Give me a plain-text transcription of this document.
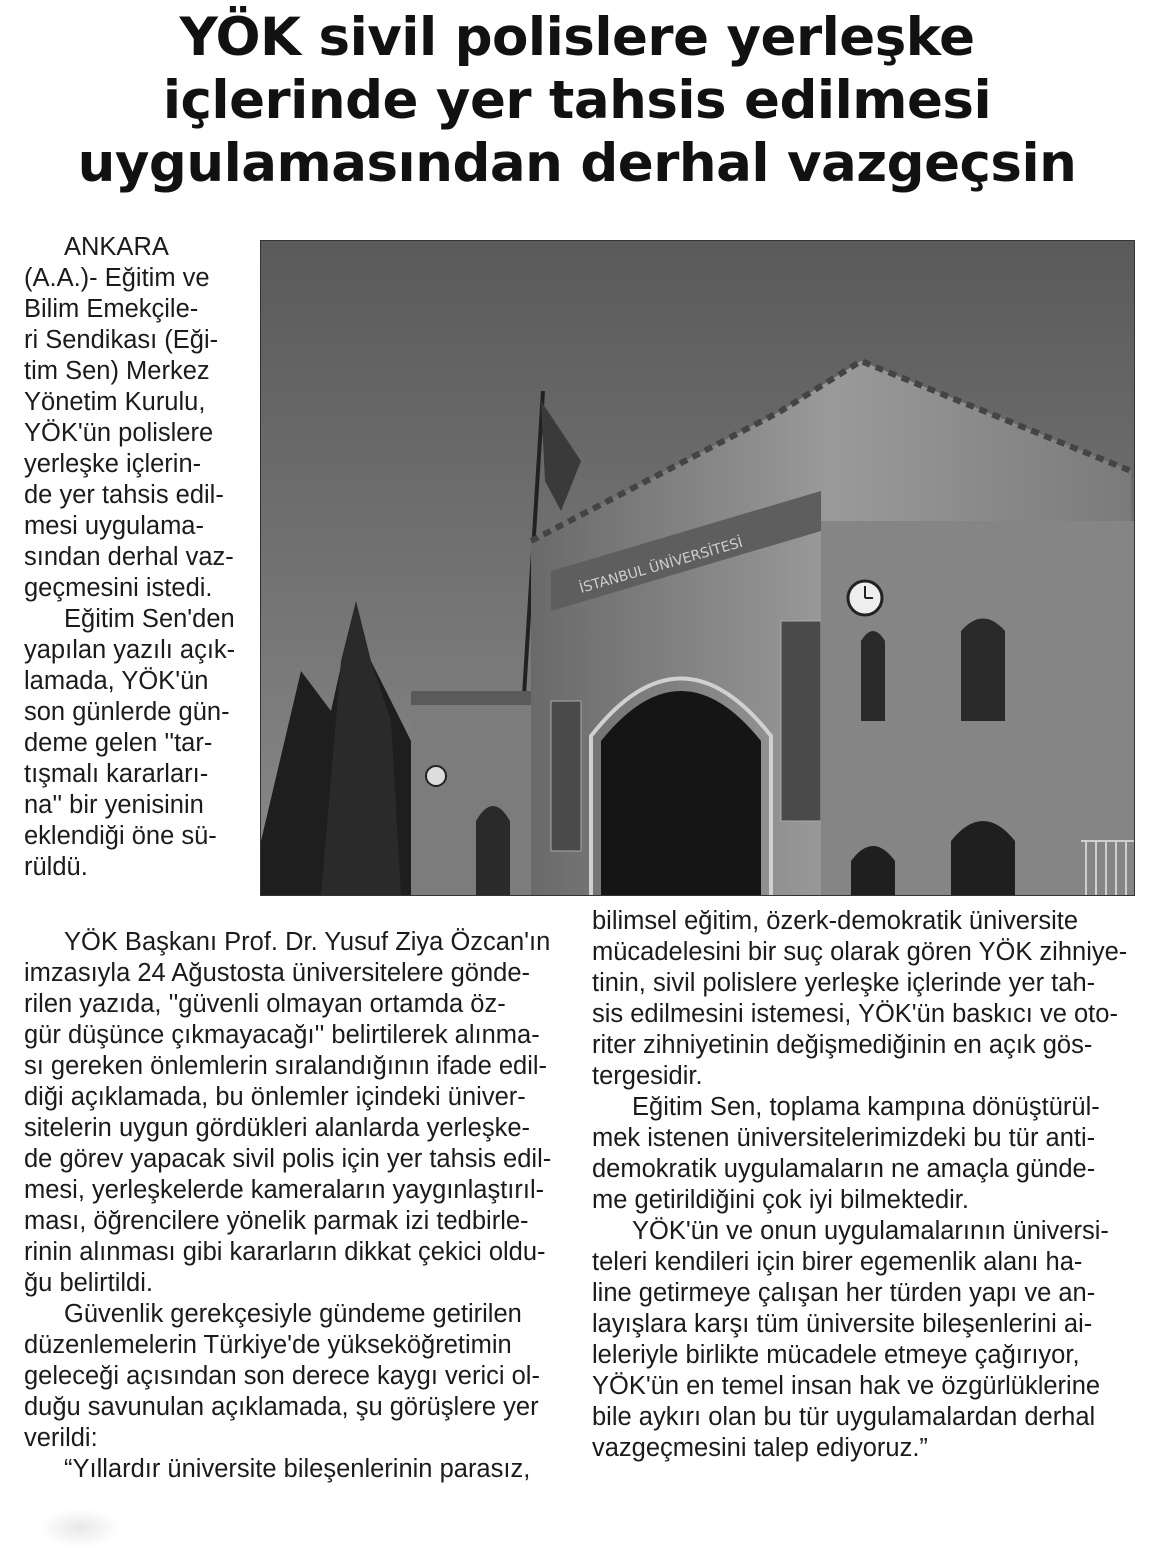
YÖK sivil polislere yerleşke
içlerinde yer tahsis edilmesi
uygulamasından derhal vazgeçsin
İSTANBUL ÜNİVERSİTESİ

ANKARA
(A.A.)- Eğitim ve
Bilim Emekçile-
ri Sendikası (Eği-
tim Sen) Merkez
Yönetim Kurulu,
YÖK'ün polislere
yerleşke içlerin-
de yer tahsis edil-
mesi uygulama-
sından derhal vaz-
geçmesini istedi.

Eğitim Sen'den
yapılan yazılı açık-
lamada, YÖK'ün
son günlerde gün-
deme gelen ''tar-
tışmalı kararları-
na'' bir yenisinin
eklendiği öne sü-
rüldü.

YÖK Başkanı Prof. Dr. Yusuf Ziya Özcan'ın
imzasıyla 24 Ağustosta üniversitelere gönde-
rilen yazıda, ''güvenli olmayan ortamda öz-
gür düşünce çıkmayacağı'' belirtilerek alınma-
sı gereken önlemlerin sıralandığının ifade edil-
diği açıklamada, bu önlemler içindeki üniver-
sitelerin uygun gördükleri alanlarda yerleşke-
de görev yapacak sivil polis için yer tahsis edil-
mesi, yerleşkelerde kameraların yaygınlaştırıl-
ması, öğrencilere yönelik parmak izi tedbirle-
rinin alınması gibi kararların dikkat çekici oldu-
ğu belirtildi.

Güvenlik gerekçesiyle gündeme getirilen
düzenlemelerin Türkiye'de yükseköğretimin
geleceği açısından son derece kaygı verici ol-
duğu savunulan açıklamada, şu görüşlere yer
verildi:

“Yıllardır üniversite bileşenlerinin parasız,

bilimsel eğitim, özerk-demokratik üniversite
mücadelesini bir suç olarak gören YÖK zihniye-
tinin, sivil polislere yerleşke içlerinde yer tah-
sis edilmesini istemesi, YÖK'ün baskıcı ve oto-
riter zihniyetinin değişmediğinin en açık gös-
tergesidir.

Eğitim Sen, toplama kampına dönüştürül-
mek istenen üniversitelerimizdeki bu tür anti-
demokratik uygulamaların ne amaçla günde-
me getirildiğini çok iyi bilmektedir.

YÖK'ün ve onun uygulamalarının üniversi-
teleri kendileri için birer egemenlik alanı ha-
line getirmeye çalışan her türden yapı ve an-
layışlara karşı tüm üniversite bileşenlerini ai-
leleriyle birlikte mücadele etmeye çağırıyor,
YÖK'ün en temel insan hak ve özgürlüklerine
bile aykırı olan bu tür uygulamalardan derhal
vazgeçmesini talep ediyoruz.”
